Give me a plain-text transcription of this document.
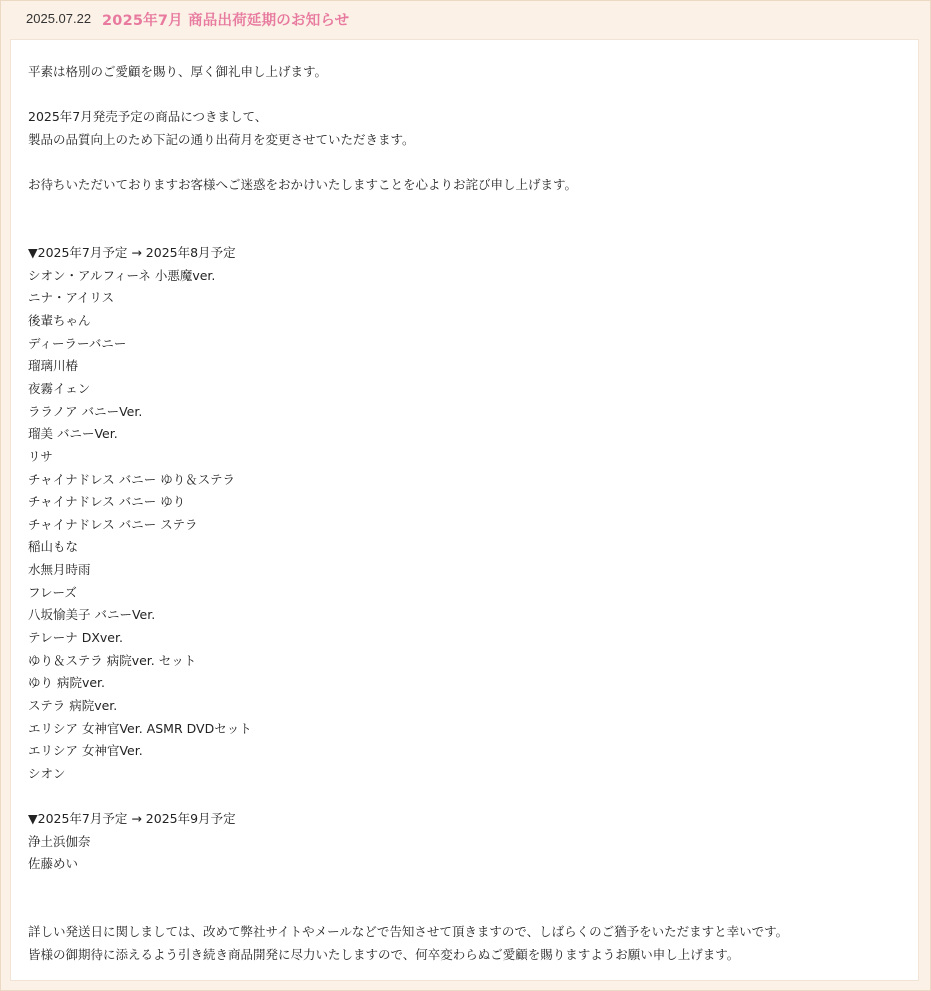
2025.07.22 2025年7月 商品出荷延期のお知らせ
平素は格別のご愛顧を賜り、厚く御礼申し上げます。
2025年7月発売予定の商品につきまして、
製品の品質向上のため下記の通り出荷月を変更させていただきます。
お待ちいただいておりますお客様へご迷惑をおかけいたしますことを心よりお詫び申し上げます。
▼2025年7月予定 → 2025年8月予定
シオン・アルフィーネ 小悪魔ver.
ニナ・アイリス
後輩ちゃん
ディーラーバニー
瑠璃川椿
夜霧イェン
ララノア バニーVer.
瑠美 バニーVer.
リサ
チャイナドレス バニー ゆり＆ステラ
チャイナドレス バニー ゆり
チャイナドレス バニー ステラ
稲山もな
水無月時雨
フレーズ
八坂愉美子 バニーVer.
テレーナ DXver.
ゆり＆ステラ 病院ver. セット
ゆり 病院ver.
ステラ 病院ver.
エリシア 女神官Ver. ASMR DVDセット
エリシア 女神官Ver.
シオン
▼2025年7月予定 → 2025年9月予定
浄土浜伽奈
佐藤めい
詳しい発送日に関しましては、改めて弊社サイトやメールなどで告知させて頂きますので、しばらくのご猶予をいただますと幸いです。
皆様の御期待に添えるよう引き続き商品開発に尽力いたしますので、何卒変わらぬご愛顧を賜りますようお願い申し上げます。
